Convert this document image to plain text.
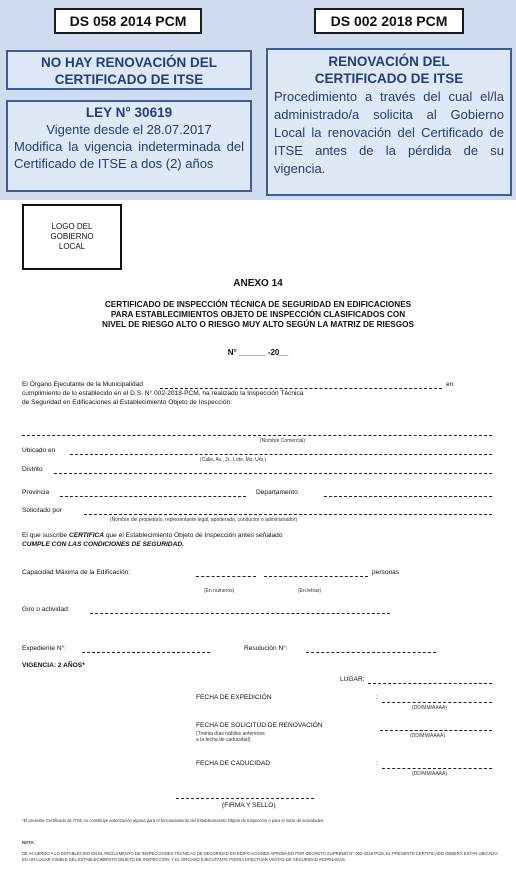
DS 058 2014 PCM	DS 002 2018 PCM
NO HAY RENOVACIÓN DEL
CERTIFICADO DE ITSE
LEY N° 30619
Vigente desde el 28.07.2017
Modifica la vigencia indeterminada del Certificado de ITSE a dos (2) años
RENOVACIÓN DEL
CERTIFICADO DE ITSE
Procedimiento a través del cual el/la administrado/a solicita al Gobierno Local la renovación del Certificado de ITSE antes de la pérdida de su vigencia.
LOGO DEL GOBIERNO LOCAL
ANEXO 14
CERTIFICADO DE INSPECCIÓN TÉCNICA DE SEGURIDAD EN EDIFICACIONES
PARA ESTABLECIMIENTOS OBJETO DE INSPECCIÓN CLASIFICADOS CON
NIVEL DE RIESGO ALTO O RIESGO MUY ALTO SEGÚN LA MATRIZ DE RIESGOS
N° ______ -20__
El Órgano Ejecutante de la Municipalidad	en
cumplimiento de lo establecido en el D.S. N° 002-2018-PCM, ha realizado la Inspección Técnica
de Seguridad en Edificaciones al Establecimiento Objeto de Inspección:
(Nombre Comercial)
Ubicado en
(Calle, Av., Jr., Lote, Mz, Urb.)
Distrito
Provincia	Departamento
Solicitado por
(Nombre del propietario, representante legal, apoderado, conductor o administrador)
El que suscribe CERTIFICA que el Establecimiento Objeto de Inspección antes señalado
CUMPLE CON LAS CONDICIONES DE SEGURIDAD.
Capacidad Máxima de la Edificación:	personas
(En números)	(En letras)
Giro o actividad:
Expediente N°:	Resolución N°:
VIGENCIA: 2 AÑOS*
LUGAR:
FECHA DE EXPEDICIÓN	:
(DD/MM/AAAA)
FECHA DE SOLICITUD DE RENOVACIÓN
(Treinta días hábiles anteriores
a la fecha de caducidad)
(DD/MM/AAAA)
FECHA DE CADUCIDAD	:
(DD/MM/AAAA)
(FIRMA Y SELLO)
*El presente Certificado de ITSE no constituye autorización alguna para el funcionamiento del Establecimiento Objeto de Inspección o para el inicio de actividades.
NOTA:
DE ACUERDO A LO ESTABLECIDO EN EL REGLAMENTO DE INSPECCIONES TÉCNICAS DE SEGURIDAD EN EDIFICACIONES APROBADO POR DECRETO SUPREMO N° 002-2018-PCM, EL PRESENTE CERTIFICADO DEBERÁ ESTAR UBICADO EN UN LUGAR VISIBLE DEL ESTABLECIMIENTO OBJETO DE INSPECCIÓN, Y EL ÓRGANO EJECUTANTE PODRÁ EFECTUAR VISITAS DE SEGURIDAD INOPINADAS.
